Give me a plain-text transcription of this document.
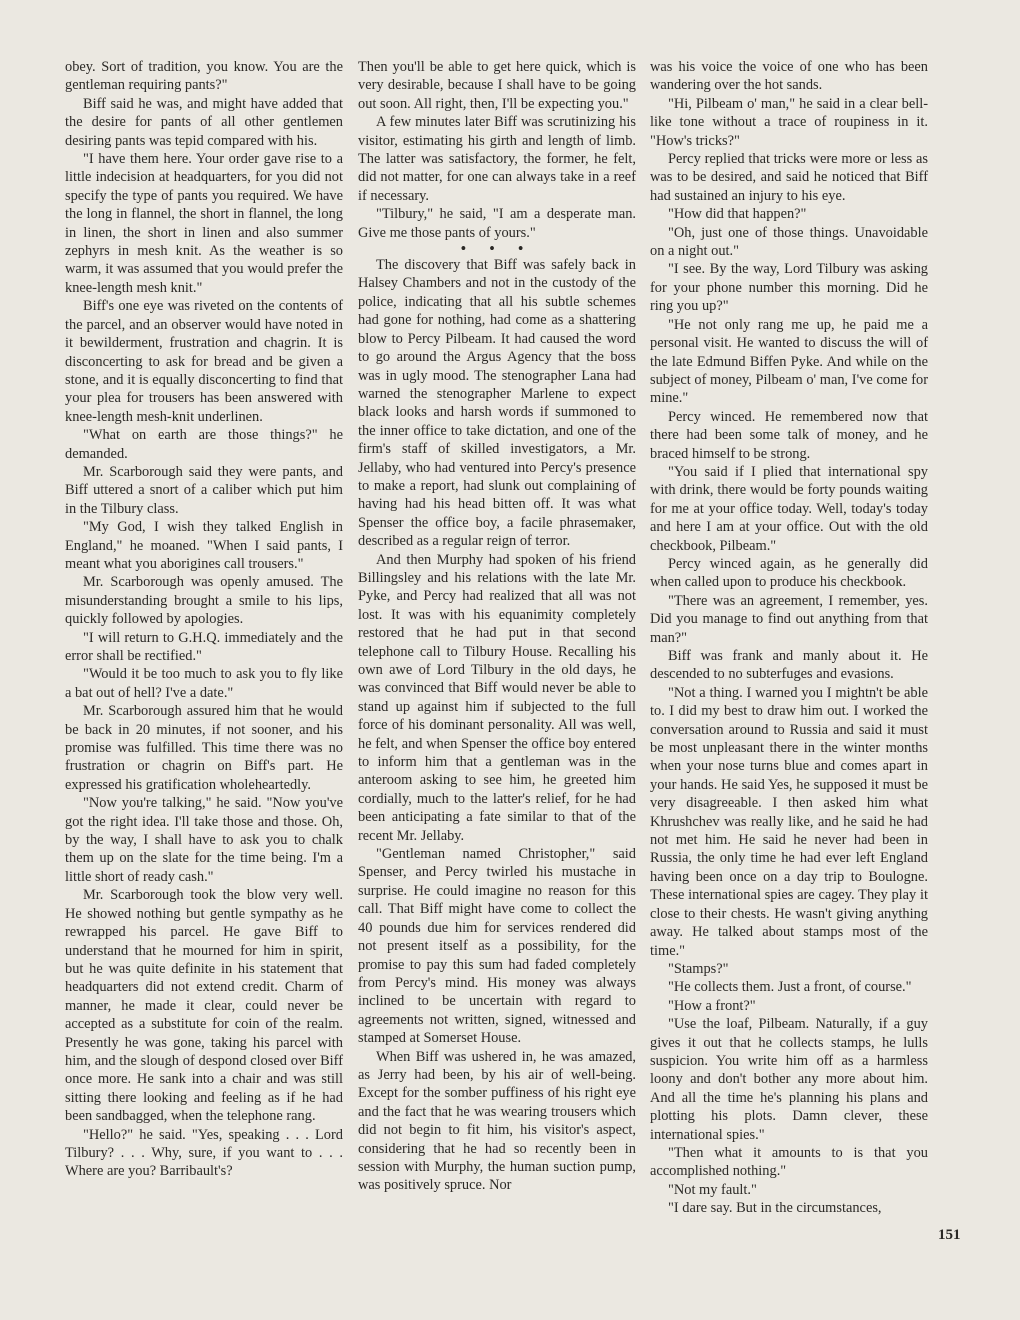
obey. Sort of tradition, you know. You are the gentleman requiring pants?"

Biff said he was, and might have added that the desire for pants of all other gentlemen desiring pants was tepid compared with his.

"I have them here. Your order gave rise to a little indecision at headquarters, for you did not specify the type of pants you required. We have the long in flannel, the short in flannel, the long in linen, the short in linen and also summer zephyrs in mesh knit. As the weather is so warm, it was assumed that you would prefer the knee-length mesh knit."

Biff's one eye was riveted on the contents of the parcel, and an observer would have noted in it bewilderment, frustration and chagrin. It is disconcerting to ask for bread and be given a stone, and it is equally disconcerting to find that your plea for trousers has been answered with knee-length mesh-knit underlinen.

"What on earth are those things?" he demanded.

Mr. Scarborough said they were pants, and Biff uttered a snort of a caliber which put him in the Tilbury class.

"My God, I wish they talked English in England," he moaned. "When I said pants, I meant what you aborigines call trousers."

Mr. Scarborough was openly amused. The misunderstanding brought a smile to his lips, quickly followed by apologies.

"I will return to G.H.Q. immediately and the error shall be rectified."

"Would it be too much to ask you to fly like a bat out of hell? I've a date."

Mr. Scarborough assured him that he would be back in 20 minutes, if not sooner, and his promise was fulfilled. This time there was no frustration or chagrin on Biff's part. He expressed his gratification wholeheartedly.

"Now you're talking," he said. "Now you've got the right idea. I'll take those and those. Oh, by the way, I shall have to ask you to chalk them up on the slate for the time being. I'm a little short of ready cash."

Mr. Scarborough took the blow very well. He showed nothing but gentle sympathy as he rewrapped his parcel. He gave Biff to understand that he mourned for him in spirit, but he was quite definite in his statement that headquarters did not extend credit. Charm of manner, he made it clear, could never be accepted as a substitute for coin of the realm. Presently he was gone, taking his parcel with him, and the slough of despond closed over Biff once more. He sank into a chair and was still sitting there looking and feeling as if he had been sandbagged, when the telephone rang.

"Hello?" he said. "Yes, speaking . . . Lord Tilbury? . . . Why, sure, if you want to . . . Where are you? Barribault's?

Then you'll be able to get here quick, which is very desirable, because I shall have to be going out soon. All right, then, I'll be expecting you."

A few minutes later Biff was scrutinizing his visitor, estimating his girth and length of limb. The latter was satisfactory, the former, he felt, did not matter, for one can always take in a reef if necessary.

"Tilbury," he said, "I am a desperate man. Give me those pants of yours."

• • •

The discovery that Biff was safely back in Halsey Chambers and not in the custody of the police, indicating that all his subtle schemes had gone for nothing, had come as a shattering blow to Percy Pilbeam. It had caused the word to go around the Argus Agency that the boss was in ugly mood. The stenographer Lana had warned the stenographer Marlene to expect black looks and harsh words if summoned to the inner office to take dictation, and one of the firm's staff of skilled investigators, a Mr. Jellaby, who had ventured into Percy's presence to make a report, had slunk out complaining of having had his head bitten off. It was what Spenser the office boy, a facile phrasemaker, described as a regular reign of terror.

And then Murphy had spoken of his friend Billingsley and his relations with the late Mr. Pyke, and Percy had realized that all was not lost. It was with his equanimity completely restored that he had put in that second telephone call to Tilbury House. Recalling his own awe of Lord Tilbury in the old days, he was convinced that Biff would never be able to stand up against him if subjected to the full force of his dominant personality. All was well, he felt, and when Spenser the office boy entered to inform him that a gentleman was in the anteroom asking to see him, he greeted him cordially, much to the latter's relief, for he had been anticipating a fate similar to that of the recent Mr. Jellaby.

"Gentleman named Christopher," said Spenser, and Percy twirled his mustache in surprise. He could imagine no reason for this call. That Biff might have come to collect the 40 pounds due him for services rendered did not present itself as a possibility, for the promise to pay this sum had faded completely from Percy's mind. His money was always inclined to be uncertain with regard to agreements not written, signed, witnessed and stamped at Somerset House.

When Biff was ushered in, he was amazed, as Jerry had been, by his air of well-being. Except for the somber puffiness of his right eye and the fact that he was wearing trousers which did not begin to fit him, his visitor's aspect, considering that he had so recently been in session with Murphy, the human suction pump, was positively spruce. Nor

was his voice the voice of one who has been wandering over the hot sands.

"Hi, Pilbeam o' man," he said in a clear bell-like tone without a trace of roupiness in it. "How's tricks?"

Percy replied that tricks were more or less as was to be desired, and said he noticed that Biff had sustained an injury to his eye.

"How did that happen?"

"Oh, just one of those things. Unavoidable on a night out."

"I see. By the way, Lord Tilbury was asking for your phone number this morning. Did he ring you up?"

"He not only rang me up, he paid me a personal visit. He wanted to discuss the will of the late Edmund Biffen Pyke. And while on the subject of money, Pilbeam o' man, I've come for mine."

Percy winced. He remembered now that there had been some talk of money, and he braced himself to be strong.

"You said if I plied that international spy with drink, there would be forty pounds waiting for me at your office today. Well, today's today and here I am at your office. Out with the old checkbook, Pilbeam."

Percy winced again, as he generally did when called upon to produce his checkbook.

"There was an agreement, I remember, yes. Did you manage to find out anything from that man?"

Biff was frank and manly about it. He descended to no subterfuges and evasions.

"Not a thing. I warned you I mightn't be able to. I did my best to draw him out. I worked the conversation around to Russia and said it must be most unpleasant there in the winter months when your nose turns blue and comes apart in your hands. He said Yes, he supposed it must be very disagreeable. I then asked him what Khrushchev was really like, and he said he had not met him. He said he never had been in Russia, the only time he had ever left England having been once on a day trip to Boulogne. These international spies are cagey. They play it close to their chests. He wasn't giving anything away. He talked about stamps most of the time."

"Stamps?"

"He collects them. Just a front, of course."

"How a front?"

"Use the loaf, Pilbeam. Naturally, if a guy gives it out that he collects stamps, he lulls suspicion. You write him off as a harmless loony and don't bother any more about him. And all the time he's planning his plans and plotting his plots. Damn clever, these international spies."

"Then what it amounts to is that you accomplished nothing."

"Not my fault."

"I dare say. But in the circumstances,

151
